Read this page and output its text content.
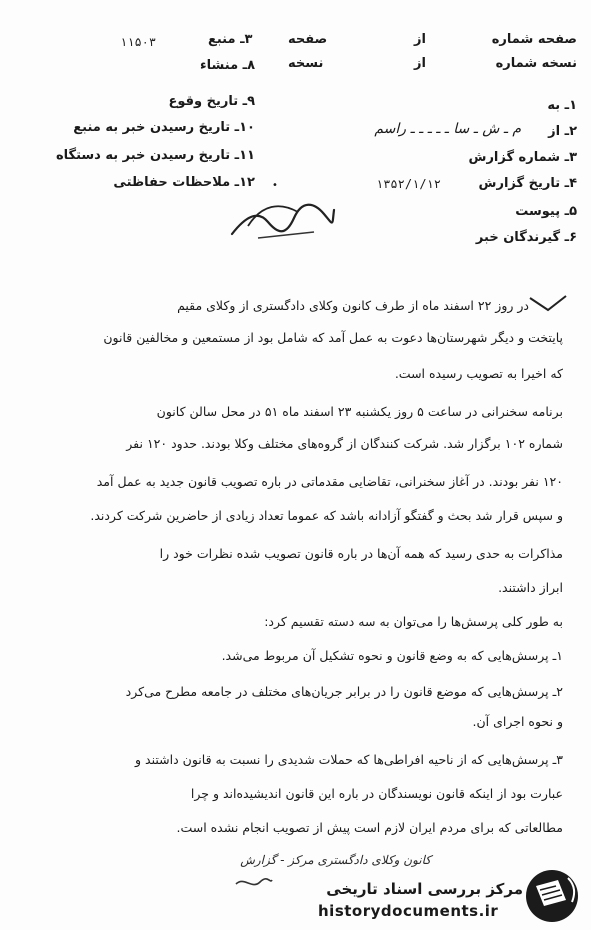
صفحه شماره
از
نسخه شماره
از
۱ـ به
۲ـ از
م ـ ش ـ سا ـ ـ ـ ـ ـ راسم
۳ـ شماره گزارش
۴ـ تاریخ گزارش
۱۳۵۲/۱/۱۲
۵ـ پیوست
۶ـ گیرندگان خبر
صفحه
۳ـ منبع
۱۱۵۰۳
نسخه
۸ـ منشاء
۹ـ تاریخ وقوع
۱۰ـ تاریخ رسیدن خبر به منبع
۱۱ـ تاریخ رسیدن خبر به دستگاه
۱۲ـ ملاحظات حفاظتی •
در روز ۲۲ اسفند ماه از طرف کانون وکلای دادگستری از وکلای مقیم
پایتخت و دیگر شهرستان‌ها دعوت به عمل آمد که شامل بود از مستمعین و مخالفین قانون
که اخیرا به تصویب رسیده است.
برنامه سخنرانی در ساعت ۵ روز یکشنبه ۲۳ اسفند ماه ۵۱ در محل سالن کانون
شماره ۱۰۲ برگزار شد. شرکت کنندگان از گروه‌های مختلف وکلا بودند. حدود ۱۲۰ نفر
۱۲۰ نفر بودند. در آغاز سخنرانی، تقاضایی مقدماتی در باره تصویب قانون جدید به عمل آمد
و سپس قرار شد بحث و گفتگو آزادانه باشد که عموما تعداد زیادی از حاضرین شرکت کردند.
مذاکرات به حدی رسید که همه آن‌ها در باره قانون تصویب شده نظرات خود را
ابراز داشتند.
به طور کلی پرسش‌ها را می‌توان به سه دسته تقسیم کرد:
۱ـ پرسش‌هایی که به وضع قانون و نحوه تشکیل آن مربوط می‌شد.
۲ـ پرسش‌هایی که موضع قانون را در برابر جریان‌های مختلف در جامعه مطرح می‌کرد
و نحوه اجرای آن.
۳ـ پرسش‌هایی که از ناحیه افراطی‌ها که حملات شدیدی را نسبت به قانون داشتند و
عبارت بود از اینکه قانون نویسندگان در باره این قانون اندیشیده‌اند و چرا
مطالعاتی که برای مردم ایران لازم است پیش از تصویب انجام نشده است.
کانون وکلای دادگستری مرکز - گزارش
مرکز بررسی اسناد تاریخی
historydocuments.ir
